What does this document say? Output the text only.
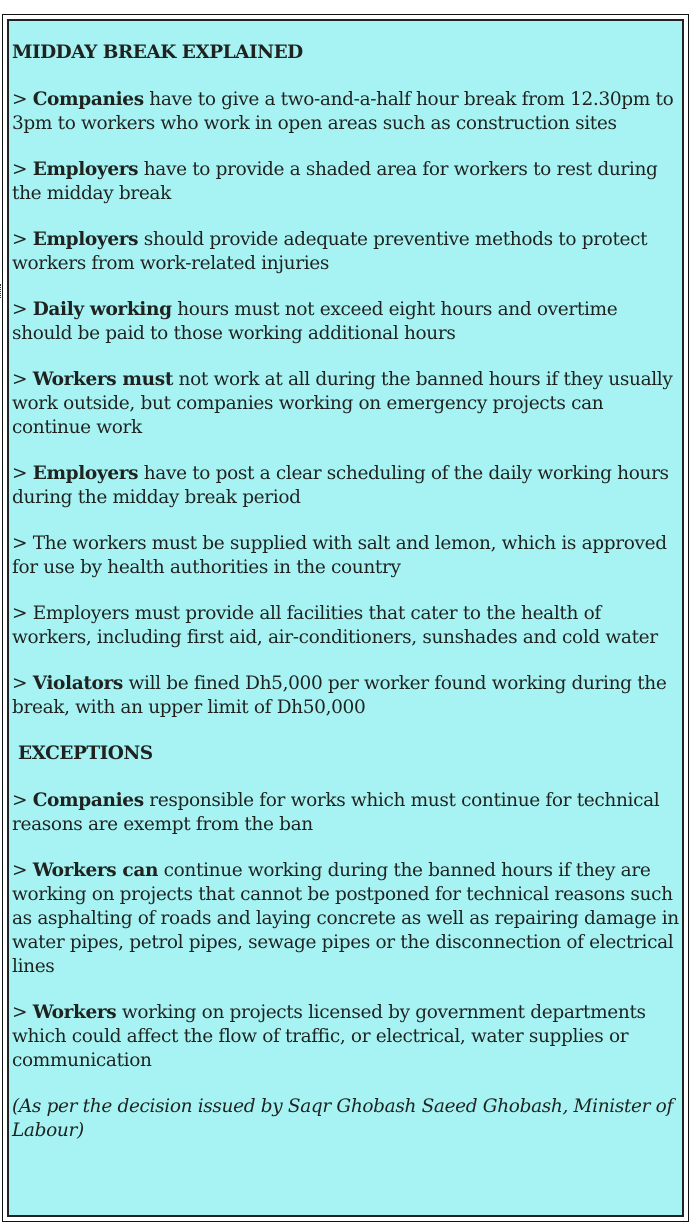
MIDDAY BREAK EXPLAINED

> Companies have to give a two-and-a-half hour break from 12.30pm to 3pm to workers who work in open areas such as construction sites

> Employers have to provide a shaded area for workers to rest during the midday break

> Employers should provide adequate preventive methods to protect workers from work-related injuries

> Daily working hours must not exceed eight hours and overtime should be paid to those working additional hours

> Workers must not work at all during the banned hours if they usually work outside, but companies working on emergency projects can continue work

> Employers have to post a clear scheduling of the daily working hours during the midday break period

> The workers must be supplied with salt and lemon, which is approved for use by health authorities in the country

> Employers must provide all facilities that cater to the health of workers, including first aid, air-conditioners, sunshades and cold water

> Violators will be fined Dh5,000 per worker found working during the break, with an upper limit of Dh50,000

EXCEPTIONS

> Companies responsible for works which must continue for technical reasons are exempt from the ban

> Workers can continue working during the banned hours if they are working on projects that cannot be postponed for technical reasons such as asphalting of roads and laying concrete as well as repairing damage in water pipes, petrol pipes, sewage pipes or the disconnection of electrical lines

> Workers working on projects licensed by government departments which could affect the flow of traffic, or electrical, water supplies or communication

(As per the decision issued by Saqr Ghobash Saeed Ghobash, Minister of Labour)
